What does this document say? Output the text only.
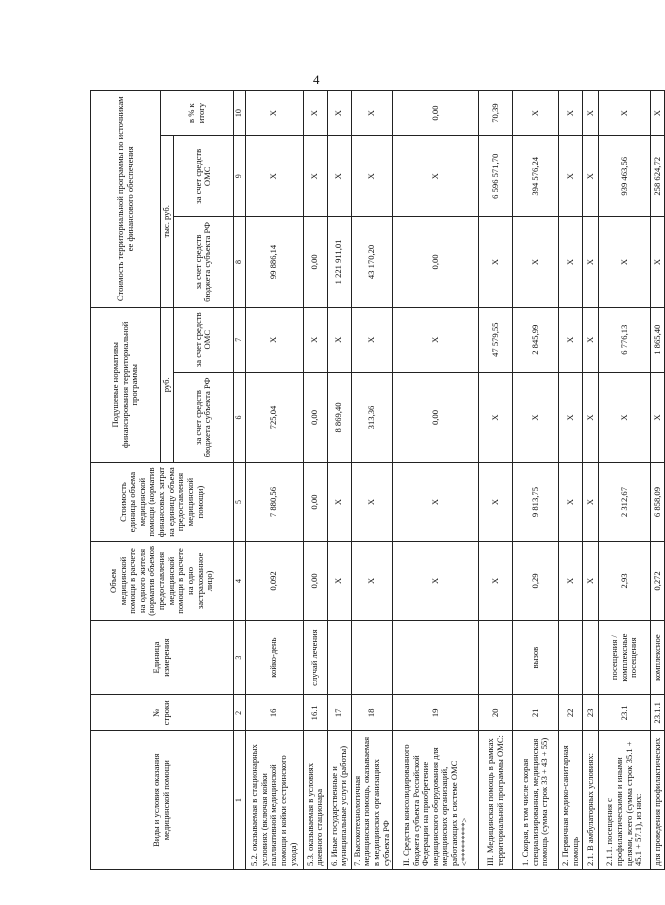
4
Виды и условия оказания медицинской помощи	№ строки	Единица измерения	Объем медицинской помощи в расчете на одного жителя (норматив объемов предоставления медицинской помощи в расчете на одно застрахованное лицо)	Стоимость единицы объема медицинской помощи (норматив финансовых затрат на единицу объема предоставления медицинской помощи)	Подушевые нормативы финансирования территориальной программы		Стоимость территориальной программы по источникам ее финансового обеспечения		
					руб.		тыс. руб.		в % к итогу
					за счет средств бюджета субъекта РФ	за счет средств ОМС	за счет средств бюджета субъекта РФ	за счет средств ОМС	
1	2	3	4	5	6	7	8	9	10
5.2. оказываемая в стационарных условиях (включая койки паллиативной медицинской помощи и койки сестринского ухода)	16	койко-день	0,092	7 880,56	725,04	X	99 886,14	X	X
5.3. оказываемая в условиях дневного стационара	16.1	случай лечения	0,00	0,00	0,00	X	0,00	X	X
6. Иные государственные и муниципальные услуги (работы)	17		X	X	8 869,40	X	1 221 911,01	X	X
7. Высокотехнологичная медицинская помощь, оказываемая в медицинских организациях субъекта РФ	18		X	X	313,36	X	43 170,20	X	X
II. Средства консолидированного бюджета субъекта Российской Федерации на приобретение медицинского оборудования для медицинских организаций, работающих в системе ОМС <*********>	19		X	X	0,00	X	0,00	X	0,00
III. Медицинская помощь в рамках территориальной программы ОМС:	20		X	X	X	47 579,55	X	6 596 571,70	70,39
1. Скорая, в том числе скорая специализированная, медицинская помощь (сумма строк 33 + 43 + 55)	21	вызов	0,29	9 813,75	X	2 845,99	X	394 576,24	X
2. Первичная медико-санитарная помощь	22		X	X	X	X	X	X	X
2.1. В амбулаторных условиях:	23		X	X	X	X	X	X	X
2.1.1. посещения с профилактическими и иными целями, всего (сумма строк 35.1 + 45.1 + 57.1), из них:	23.1	посещения / комплексные посещения	2,93	2 312,67	X	6 776,13	X	939 463,56	X
для проведения профилактических	23.1.1	комплексное	0,272	6 858,09	X	1 865,40	X	258 624,72	X
